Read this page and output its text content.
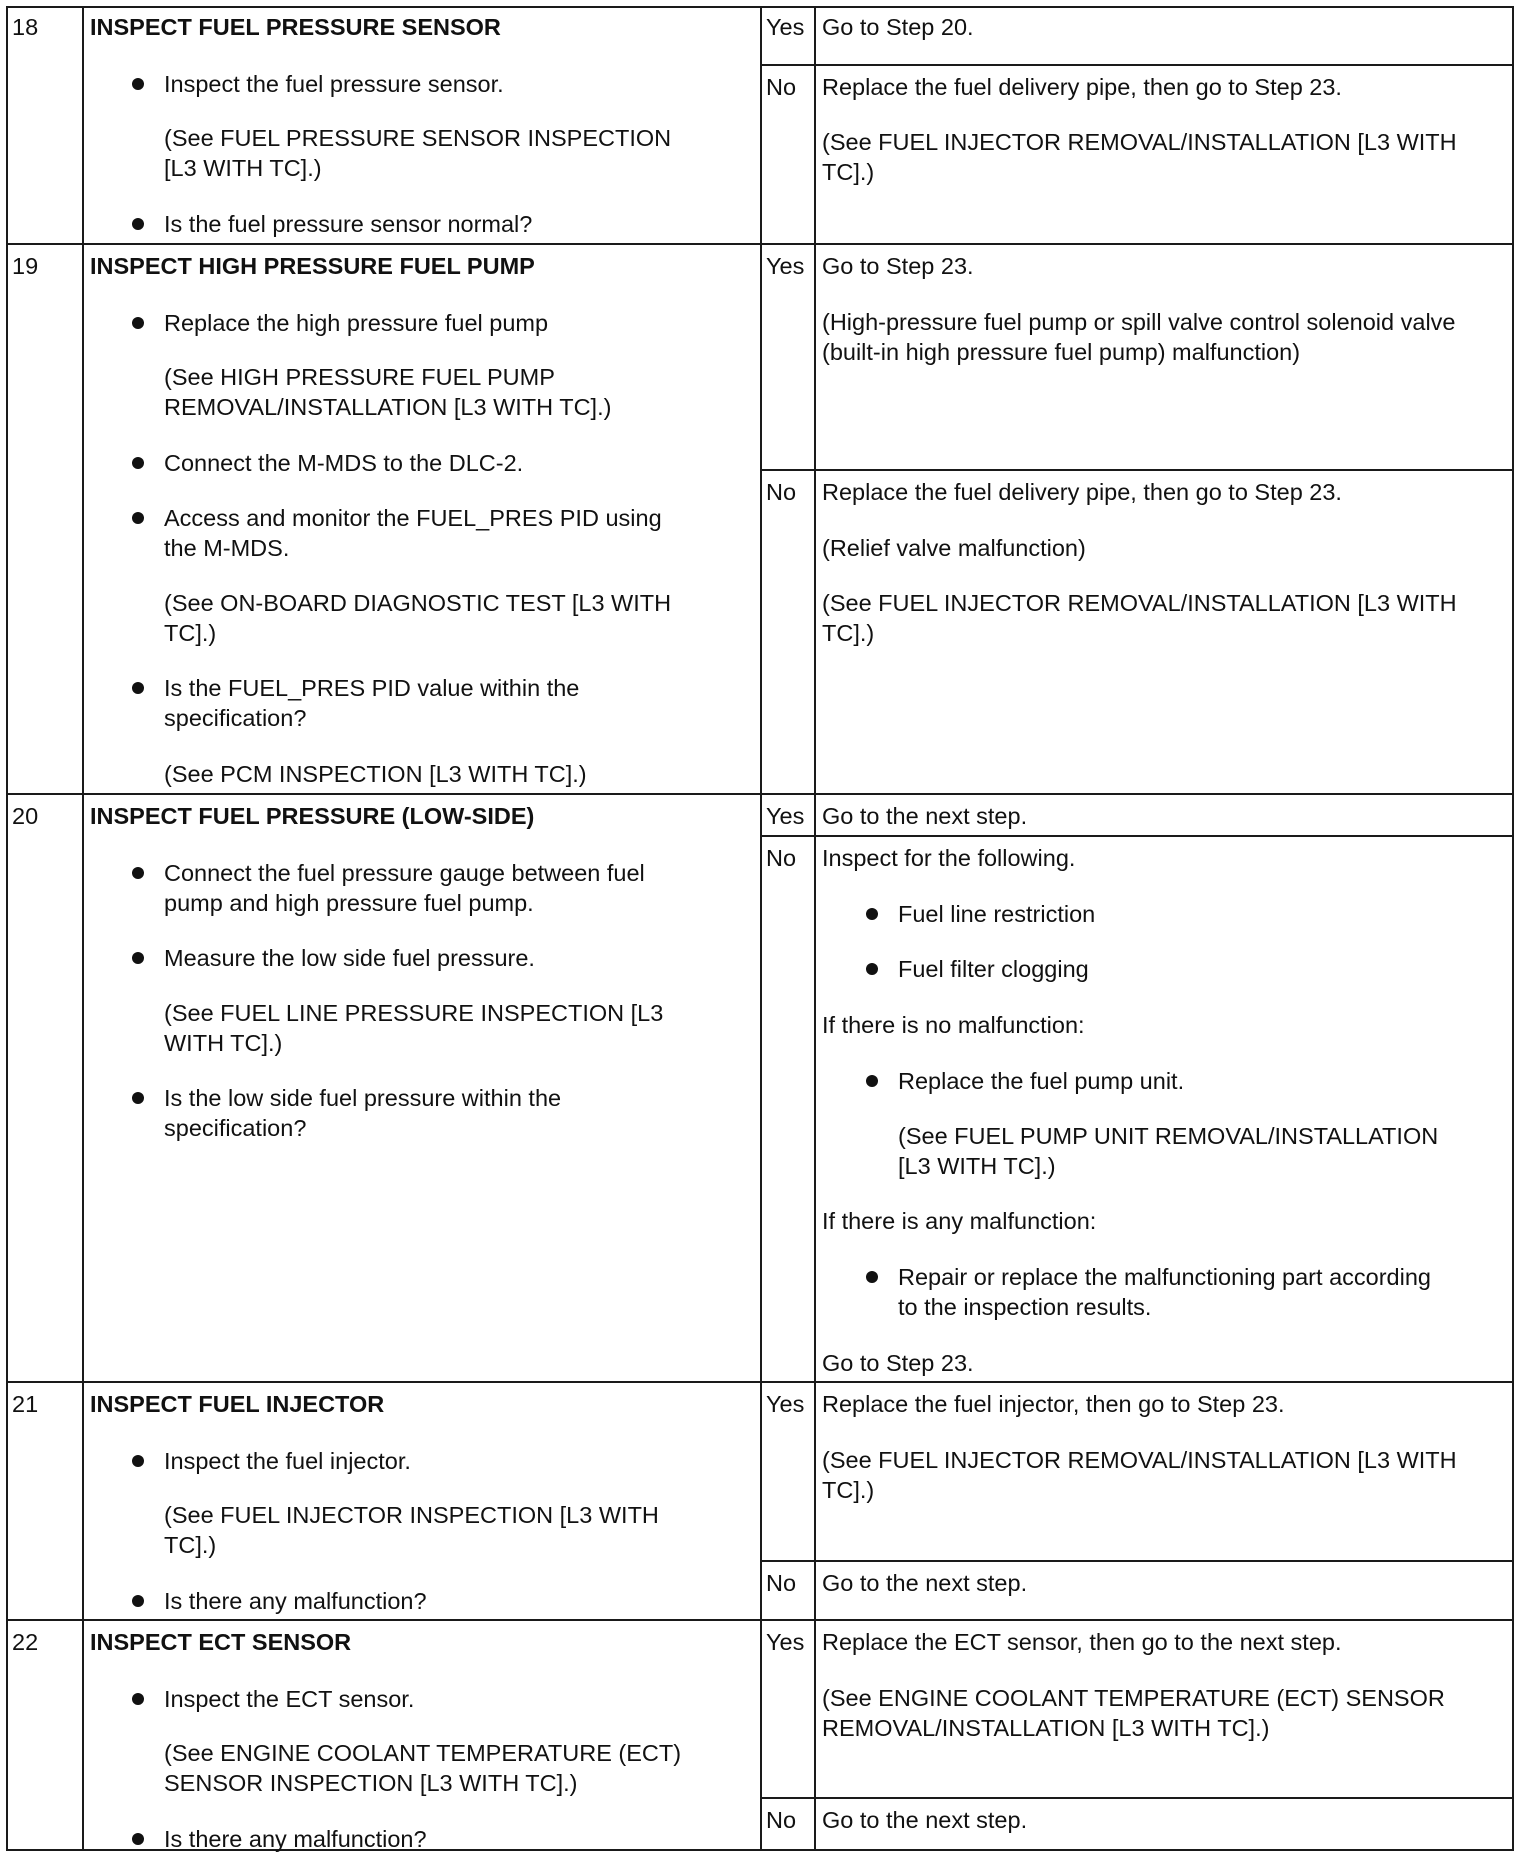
18 INSPECT FUEL PRESSURE SENSOR
Inspect the fuel pressure sensor.
(See FUEL PRESSURE SENSOR INSPECTION
[L3 WITH TC].)
Is the fuel pressure sensor normal?
Yes Go to Step 20.
No Replace the fuel delivery pipe, then go to Step 23.
(See FUEL INJECTOR REMOVAL/INSTALLATION [L3 WITH
TC].)
19 INSPECT HIGH PRESSURE FUEL PUMP
Replace the high pressure fuel pump
(See HIGH PRESSURE FUEL PUMP
REMOVAL/INSTALLATION [L3 WITH TC].)
Connect the M-MDS to the DLC-2.
Access and monitor the FUEL_PRES PID using
the M-MDS.
(See ON-BOARD DIAGNOSTIC TEST [L3 WITH
TC].)
Is the FUEL_PRES PID value within the
specification?
(See PCM INSPECTION [L3 WITH TC].)
Yes Go to Step 23.
(High-pressure fuel pump or spill valve control solenoid valve
(built-in high pressure fuel pump) malfunction)
No Replace the fuel delivery pipe, then go to Step 23.
(Relief valve malfunction)
(See FUEL INJECTOR REMOVAL/INSTALLATION [L3 WITH
TC].)
20 INSPECT FUEL PRESSURE (LOW-SIDE)
Connect the fuel pressure gauge between fuel
pump and high pressure fuel pump.
Measure the low side fuel pressure.
(See FUEL LINE PRESSURE INSPECTION [L3
WITH TC].)
Is the low side fuel pressure within the
specification?
Yes Go to the next step.
No Inspect for the following.
Fuel line restriction
Fuel filter clogging
If there is no malfunction:
Replace the fuel pump unit.
(See FUEL PUMP UNIT REMOVAL/INSTALLATION
[L3 WITH TC].)
If there is any malfunction:
Repair or replace the malfunctioning part according
to the inspection results.
Go to Step 23.
21 INSPECT FUEL INJECTOR
Inspect the fuel injector.
(See FUEL INJECTOR INSPECTION [L3 WITH
TC].)
Is there any malfunction?
Yes Replace the fuel injector, then go to Step 23.
(See FUEL INJECTOR REMOVAL/INSTALLATION [L3 WITH
TC].)
No Go to the next step.
22 INSPECT ECT SENSOR
Inspect the ECT sensor.
(See ENGINE COOLANT TEMPERATURE (ECT)
SENSOR INSPECTION [L3 WITH TC].)
Is there any malfunction?
Yes Replace the ECT sensor, then go to the next step.
(See ENGINE COOLANT TEMPERATURE (ECT) SENSOR
REMOVAL/INSTALLATION [L3 WITH TC].)
No Go to the next step.
